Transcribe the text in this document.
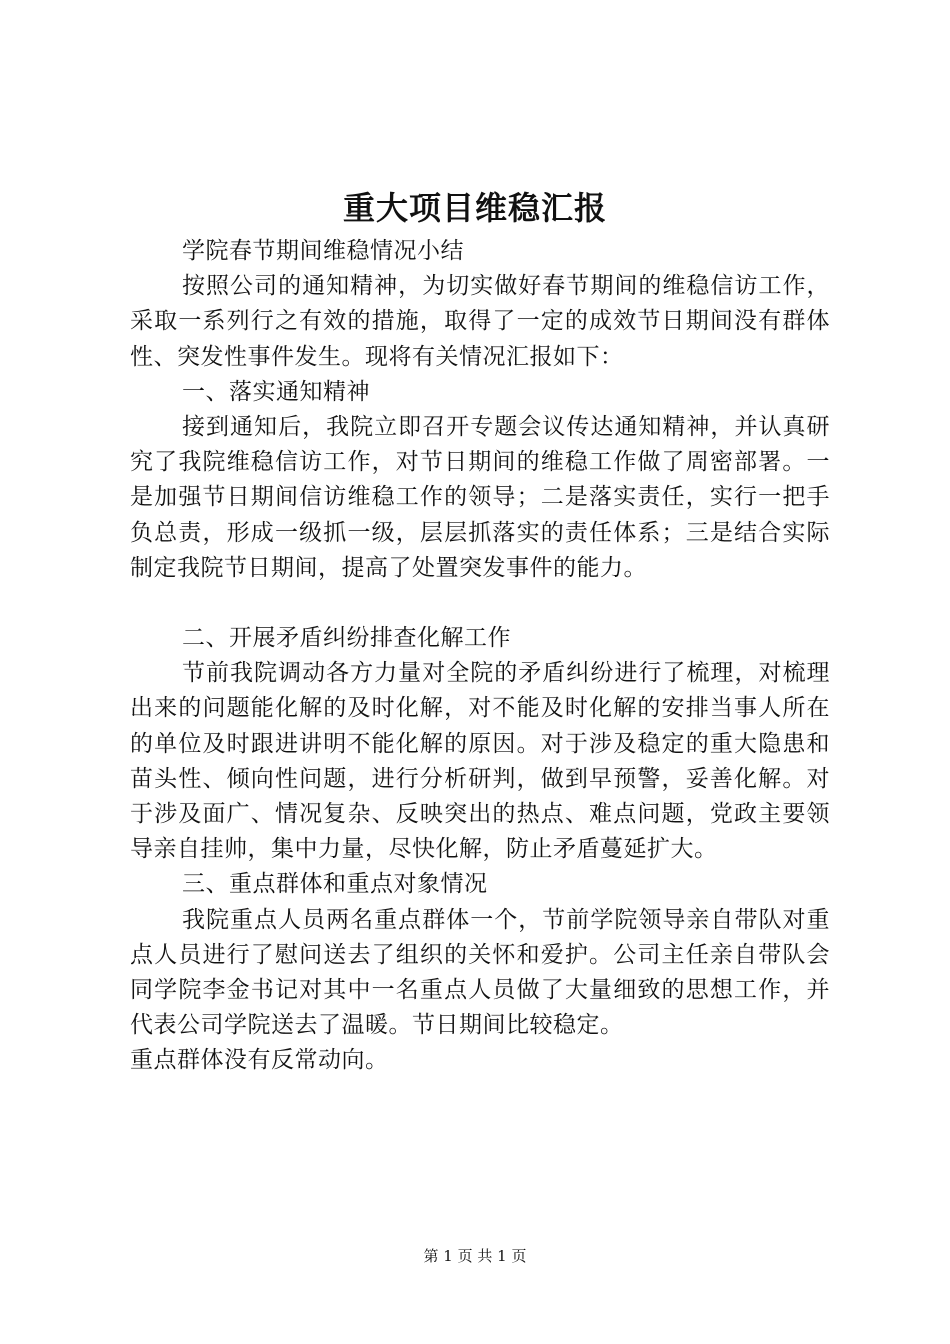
重大项目维稳汇报

学院春节期间维稳情况小结

按照公司的通知精神，为切实做好春节期间的维稳信访工作，采取一系列行之有效的措施，取得了一定的成效节日期间没有群体性、突发性事件发生。现将有关情况汇报如下：

一、落实通知精神

接到通知后，我院立即召开专题会议传达通知精神，并认真研究了我院维稳信访工作，对节日期间的维稳工作做了周密部署。一是加强节日期间信访维稳工作的领导；二是落实责任，实行一把手负总责，形成一级抓一级，层层抓落实的责任体系；三是结合实际制定我院节日期间，提高了处置突发事件的能力。

二、开展矛盾纠纷排查化解工作

节前我院调动各方力量对全院的矛盾纠纷进行了梳理，对梳理出来的问题能化解的及时化解，对不能及时化解的安排当事人所在的单位及时跟进讲明不能化解的原因。对于涉及稳定的重大隐患和苗头性、倾向性问题，进行分析研判，做到早预警，妥善化解。对于涉及面广、情况复杂、反映突出的热点、难点问题，党政主要领导亲自挂帅，集中力量，尽快化解，防止矛盾蔓延扩大。

三、重点群体和重点对象情况

我院重点人员两名重点群体一个，节前学院领导亲自带队对重点人员进行了慰问送去了组织的关怀和爱护。公司主任亲自带队会同学院李金书记对其中一名重点人员做了大量细致的思想工作，并代表公司学院送去了温暖。节日期间比较稳定。

重点群体没有反常动向。

第 1 页 共 1 页
